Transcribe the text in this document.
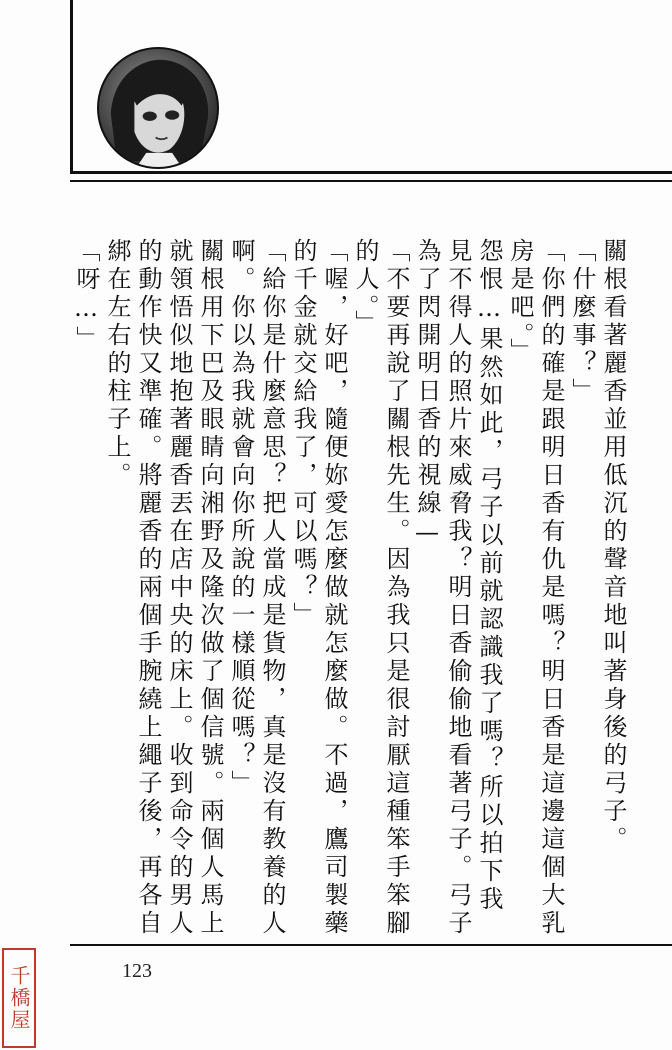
關根看著麗香並用低沉的聲音地叫著身後的弓子。

「什麼事？」

「你們的確是跟明日香有仇是嗎？明日香是這邊這個大乳房是吧。」

怨恨…果然如此，弓子以前就認識我了嗎？所以拍下我見不得人的照片來威脅我？明日香偷偷地看著弓子。弓子為了閃開明日香的視線—

「不要再說了關根先生。因為我只是很討厭這種笨手笨腳的人。」

「喔，好吧，隨便妳愛怎麼做就怎麼做。不過，鷹司製藥的千金就交給我了，可以嗎？」

「給你是什麼意思？把人當成是貨物，真是沒有教養的人啊。你以為我就會向你所說的一樣順從嗎？」

關根用下巴及眼睛向湘野及隆次做了個信號。兩個人馬上就領悟似地抱著麗香丟在店中央的床上。收到命令的男人的動作快又準確。將麗香的兩個手腕繞上繩子後，再各自綁在左右的柱子上。

「呀…」

123
千橋屋
